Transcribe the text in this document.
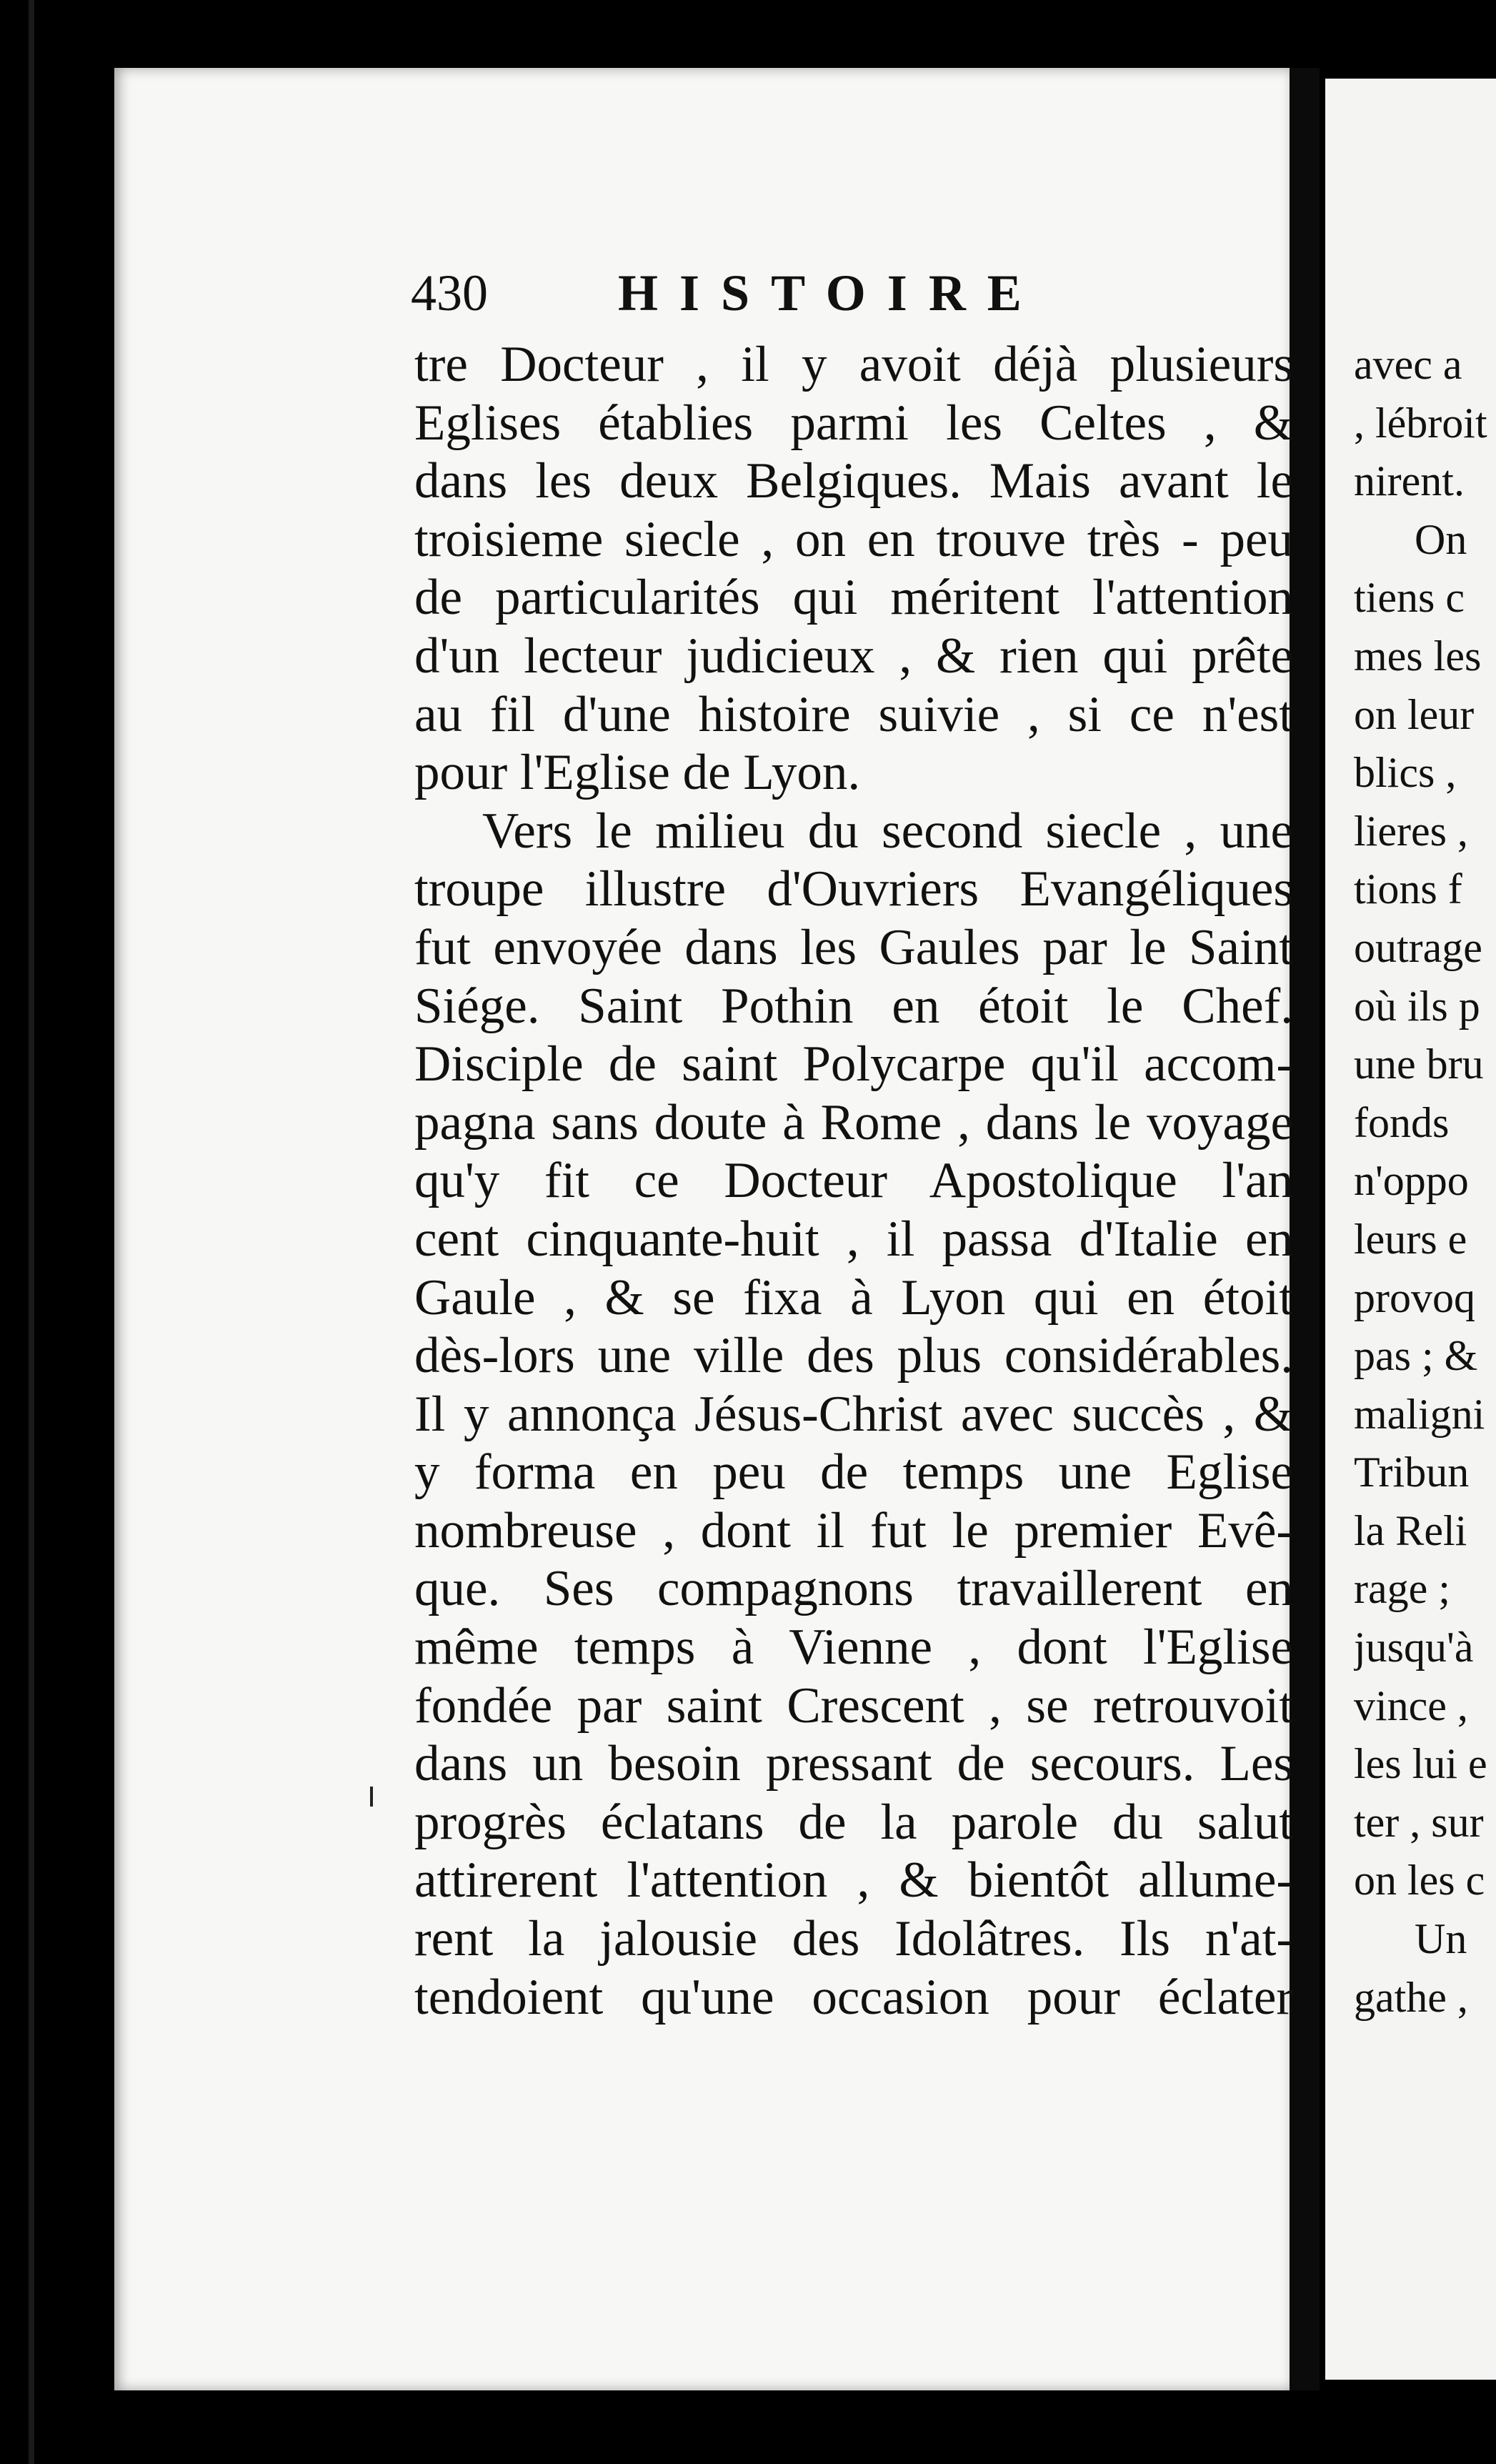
430	HISTOIRE
tre Docteur , il y avoit déjà plusieurs
Eglises établies parmi les Celtes , &
dans les deux Belgiques. Mais avant le
troisieme siecle , on en trouve très - peu
de particularités qui méritent l'attention
d'un lecteur judicieux , & rien qui prête
au fil d'une histoire suivie , si ce n'est
pour l'Eglise de Lyon.
Vers le milieu du second siecle , une
troupe illustre d'Ouvriers Evangéliques
fut envoyée dans les Gaules par le Saint
Siége. Saint Pothin en étoit le Chef.
Disciple de saint Polycarpe qu'il accom-
pagna sans doute à Rome , dans le voyage
qu'y fit ce Docteur Apostolique l'an
cent cinquante-huit , il passa d'Italie en
Gaule , & se fixa à Lyon qui en étoit
dès-lors une ville des plus considérables.
Il y annonça Jésus-Christ avec succès , &
y forma en peu de temps une Eglise
nombreuse , dont il fut le premier Evê-
que. Ses compagnons travaillerent en
même temps à Vienne , dont l'Eglise
fondée par saint Crescent , se retrouvoit
dans un besoin pressant de secours. Les
progrès éclatans de la parole du salut
attirerent l'attention , & bientôt allume-
rent la jalousie des Idolâtres. Ils n'at-
tendoient qu'une occasion pour éclater
avec a
, lébroit
nirent.
On
tiens c
mes les
on leur
blics ,
lieres ,
tions f
outrage
où ils p
une bru
fonds
n'oppo
leurs e
provoq
pas ; &
maligni
Tribun
la Reli
rage ;
jusqu'à
vince ,
les lui e
ter , sur
on les c
Un
gathe ,
